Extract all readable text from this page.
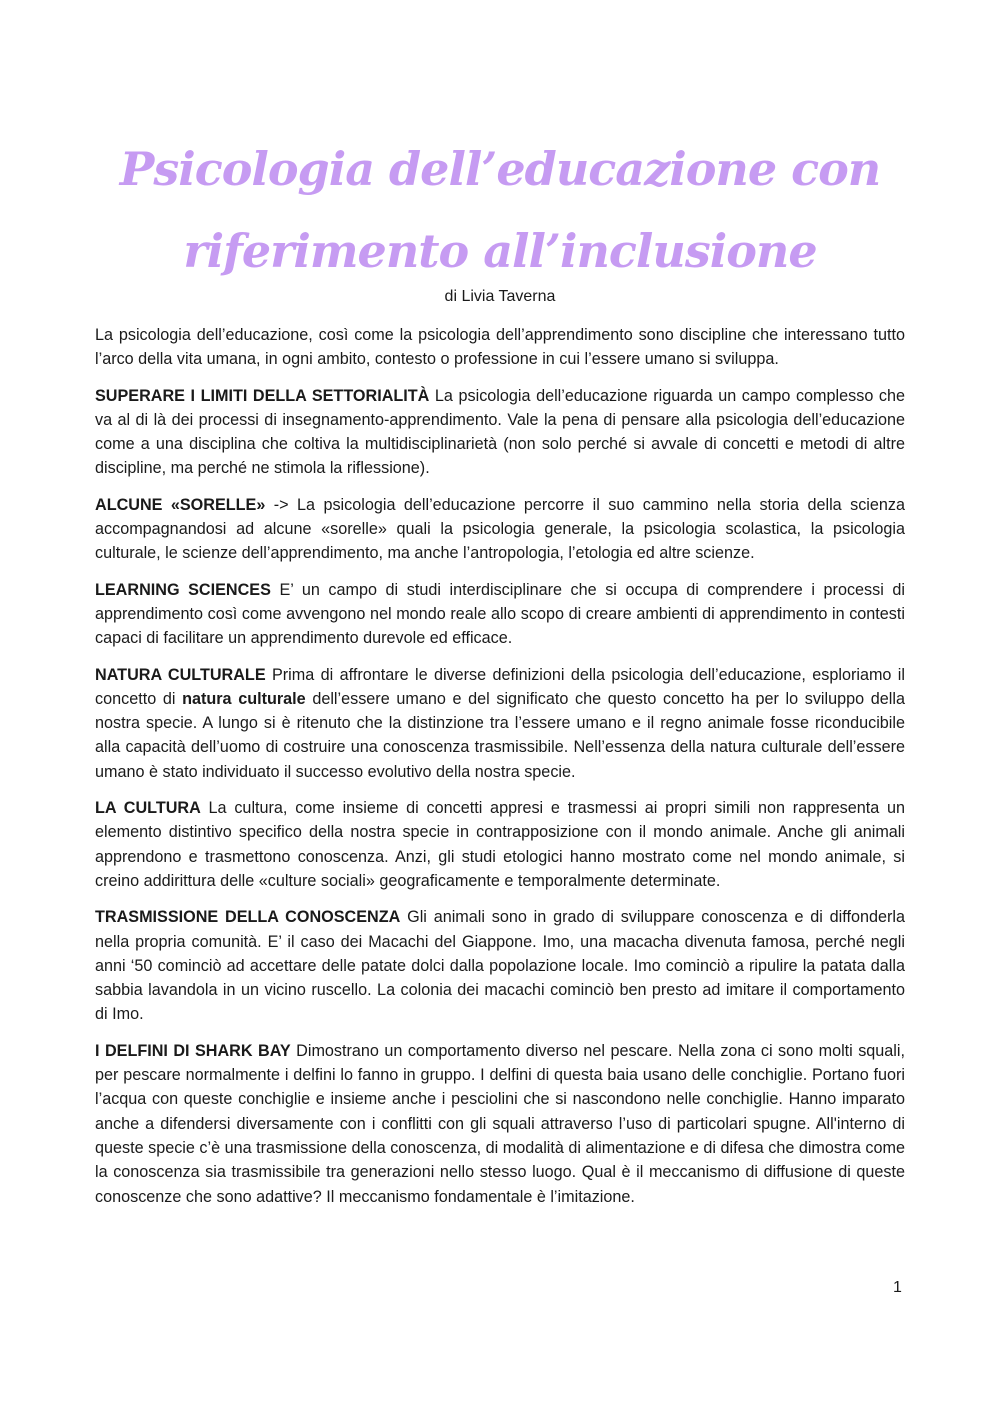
Psicologia dell’educazione con
riferimento all’inclusione

di Livia Taverna

La psicologia dell’educazione, così come la psicologia dell’apprendimento sono discipline che interessano tutto l’arco della vita umana, in ogni ambito, contesto o professione in cui l’essere umano si sviluppa.

SUPERARE I LIMITI DELLA SETTORIALITÀ La psicologia dell’educazione riguarda un campo complesso che va al di là dei processi di insegnamento-apprendimento. Vale la pena di pensare alla psicologia dell’educazione come a una disciplina che coltiva la multidisciplinarietà (non solo perché si avvale di concetti e metodi di altre discipline, ma perché ne stimola la riflessione).

ALCUNE «SORELLE» -> La psicologia dell’educazione percorre il suo cammino nella storia della scienza accompagnandosi ad alcune «sorelle» quali la psicologia generale, la psicologia scolastica, la psicologia culturale, le scienze dell’apprendimento, ma anche l’antropologia, l’etologia ed altre scienze.

LEARNING SCIENCES E’ un campo di studi interdisciplinare che si occupa di comprendere i processi di apprendimento così come avvengono nel mondo reale allo scopo di creare ambienti di apprendimento in contesti capaci di facilitare un apprendimento durevole ed efficace.

NATURA CULTURALE Prima di affrontare le diverse definizioni della psicologia dell’educazione, esploriamo il concetto di natura culturale dell’essere umano e del significato che questo concetto ha per lo sviluppo della nostra specie. A lungo si è ritenuto che la distinzione tra l’essere umano e il regno animale fosse riconducibile alla capacità dell’uomo di costruire una conoscenza trasmissibile. Nell’essenza della natura culturale dell’essere umano è stato individuato il successo evolutivo della nostra specie.

LA CULTURA La cultura, come insieme di concetti appresi e trasmessi ai propri simili non rappresenta un elemento distintivo specifico della nostra specie in contrapposizione con il mondo animale. Anche gli animali apprendono e trasmettono conoscenza. Anzi, gli studi etologici hanno mostrato come nel mondo animale, si creino addirittura delle «culture sociali» geograficamente e temporalmente determinate.

TRASMISSIONE DELLA CONOSCENZA Gli animali sono in grado di sviluppare conoscenza e di diffonderla nella propria comunità. E’ il caso dei Macachi del Giappone. Imo, una macacha divenuta famosa, perché negli anni ‘50 cominciò ad accettare delle patate dolci dalla popolazione locale. Imo cominciò a ripulire la patata dalla sabbia lavandola in un vicino ruscello. La colonia dei macachi cominciò ben presto ad imitare il comportamento di Imo.

I DELFINI DI SHARK BAY Dimostrano un comportamento diverso nel pescare. Nella zona ci sono molti squali, per pescare normalmente i delfini lo fanno in gruppo. I delfini di questa baia usano delle conchiglie. Portano fuori l’acqua con queste conchiglie e insieme anche i pesciolini che si nascondono nelle conchiglie. Hanno imparato anche a difendersi diversamente con i conflitti con gli squali attraverso l’uso di particolari spugne. All'interno di queste specie c’è una trasmissione della conoscenza, di modalità di alimentazione e di difesa che dimostra come la conoscenza sia trasmissibile tra generazioni nello stesso luogo. Qual è il meccanismo di diffusione di queste conoscenze che sono adattive? Il meccanismo fondamentale è l’imitazione.

1
